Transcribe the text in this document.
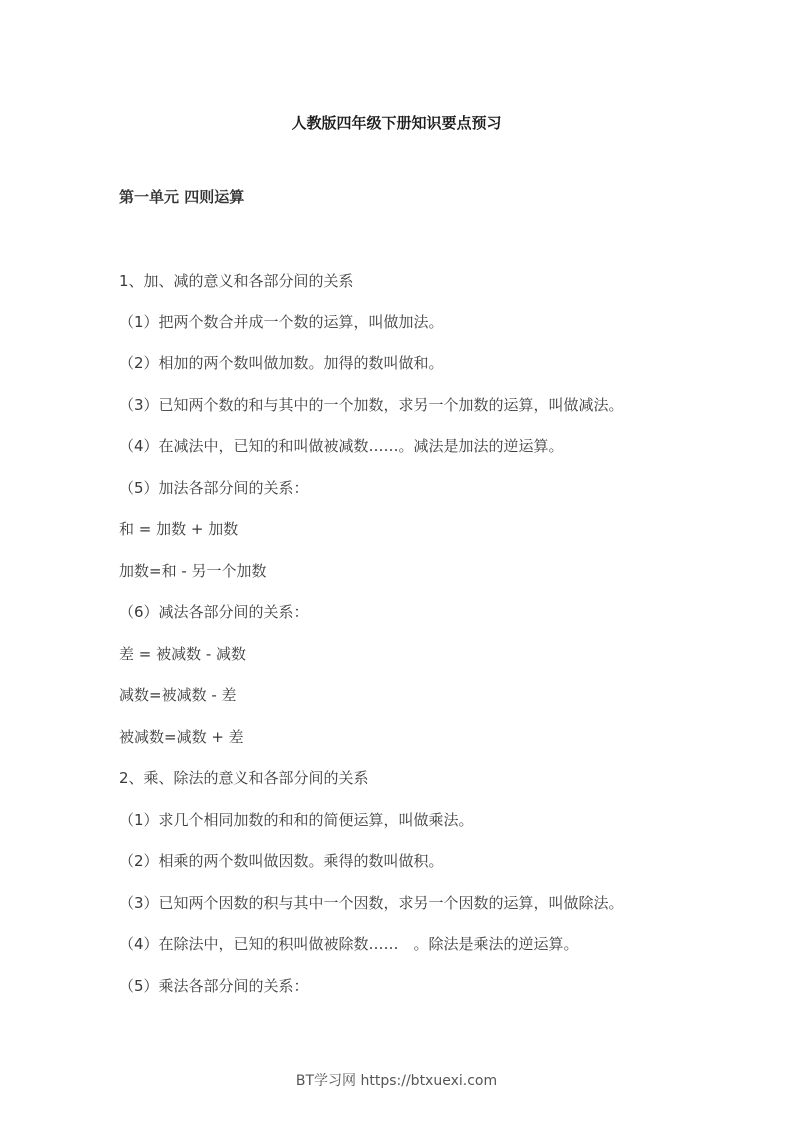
人教版四年级下册知识要点预习
第一单元 四则运算
1、加、减的意义和各部分间的关系
（1）把两个数合并成一个数的运算，叫做加法。
（2）相加的两个数叫做加数。加得的数叫做和。
（3）已知两个数的和与其中的一个加数，求另一个加数的运算，叫做减法。
（4）在减法中，已知的和叫做被减数……。减法是加法的逆运算。
（5）加法各部分间的关系：
和 = 加数 + 加数
加数=和 - 另一个加数
（6）减法各部分间的关系：
差 = 被减数 - 减数
减数=被减数 - 差
被减数=减数 + 差
2、乘、除法的意义和各部分间的关系
（1）求几个相同加数的和和的简便运算，叫做乘法。
（2）相乘的两个数叫做因数。乘得的数叫做积。
（3）已知两个因数的积与其中一个因数，求另一个因数的运算，叫做除法。
（4）在除法中，已知的积叫做被除数……　。除法是乘法的逆运算。
（5）乘法各部分间的关系：
BT学习网 https://btxuexi.com
